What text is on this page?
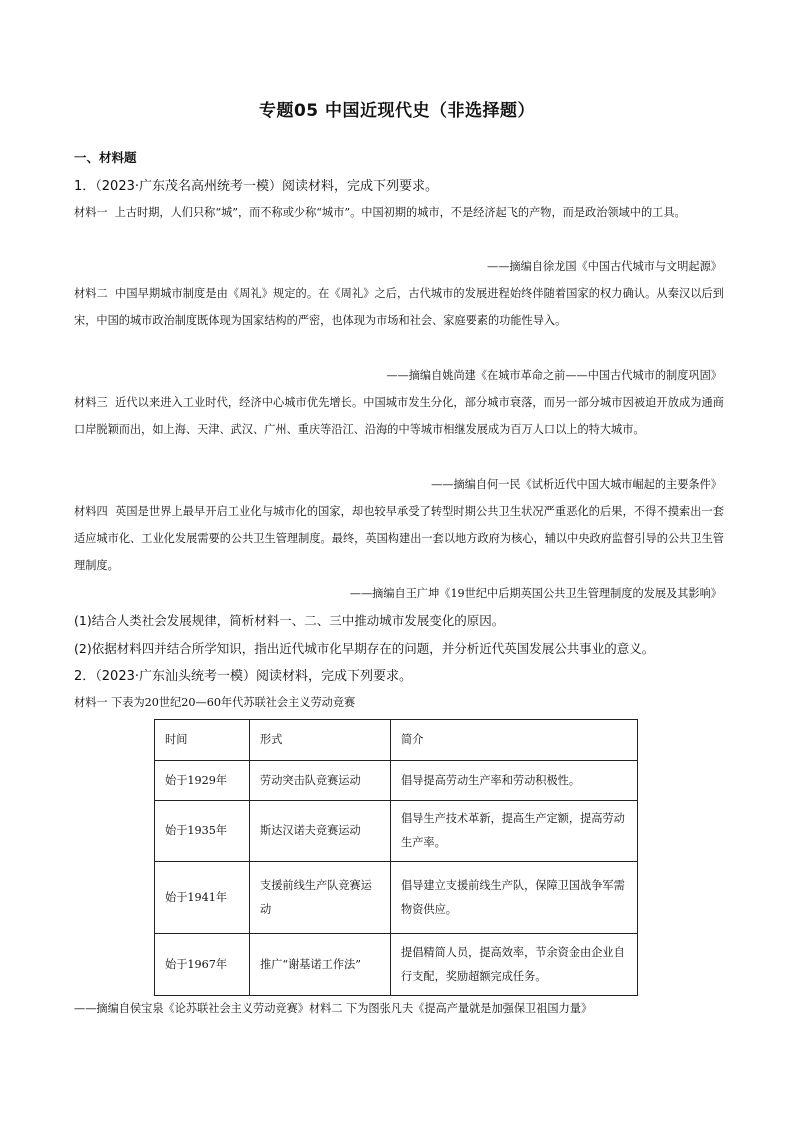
专题05 中国近现代史（非选择题）
一、材料题
1．（2023·广东茂名高州统考一模）阅读材料，完成下列要求。
材料一  上古时期，人们只称“城”，而不称或少称“城市”。中国初期的城市，不是经济起飞的产物，而是政治领域中的工具。
——摘编自徐龙国《中国古代城市与文明起源》
材料二  中国早期城市制度是由《周礼》规定的。在《周礼》之后，古代城市的发展进程始终伴随着国家的权力确认。从秦汉以后到宋，中国的城市政治制度既体现为国家结构的严密，也体现为市场和社会、家庭要素的功能性导入。
——摘编自姚尚建《在城市革命之前——中国古代城市的制度巩固》
材料三  近代以来进入工业时代，经济中心城市优先增长。中国城市发生分化，部分城市衰落，而另一部分城市因被迫开放成为通商口岸脱颖而出，如上海、天津、武汉、广州、重庆等沿江、沿海的中等城市相继发展成为百万人口以上的特大城市。
——摘编自何一民《试析近代中国大城市崛起的主要条件》
材料四  英国是世界上最早开启工业化与城市化的国家，却也较早承受了转型时期公共卫生状况严重恶化的后果，不得不摸索出一套适应城市化、工业化发展需要的公共卫生管理制度。最终，英国构建出一套以地方政府为核心，辅以中央政府监督引导的公共卫生管理制度。
——摘编自王广坤《19世纪中后期英国公共卫生管理制度的发展及其影响》
(1)结合人类社会发展规律，简析材料一、二、三中推动城市发展变化的原因。
(2)依据材料四并结合所学知识，指出近代城市化早期存在的问题，并分析近代英国发展公共事业的意义。
2．（2023·广东汕头统考一模）阅读材料，完成下列要求。
材料一 下表为20世纪20—60年代苏联社会主义劳动竞赛
时间	形式	简介
始于1929年	劳动突击队竞赛运动	倡导提高劳动生产率和劳动积极性。
始于1935年	斯达汉诺夫竞赛运动	倡导生产技术革新，提高生产定额，提高劳动生产率。
始于1941年	支援前线生产队竞赛运动	倡导建立支援前线生产队，保障卫国战争军需物资供应。
始于1967年	推广“谢基诺工作法”	提倡精简人员，提高效率，节余资金由企业自行支配，奖励超额完成任务。
——摘编自侯宝泉《论苏联社会主义劳动竞赛》材料二 下为图张凡夫《提高产量就是加强保卫祖国力量》
